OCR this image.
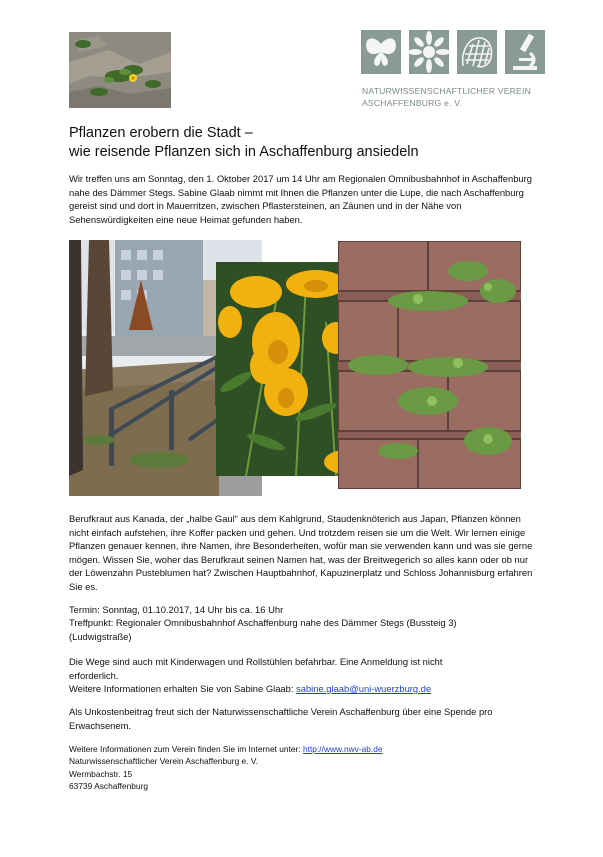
NATURWISSENSCHAFTLICHER VEREIN
ASCHAFFENBURG e. V.
Pflanzen erobern die Stadt –
wie reisende Pflanzen sich in Aschaffenburg ansiedeln

Wir treffen uns am Sonntag, den 1. Oktober 2017 um 14 Uhr am Regionalen Omnibusbahnhof in Aschaffenburg nahe des Dämmer Stegs. Sabine Glaab nimmt mit Ihnen die Pflanzen unter die Lupe, die nach Aschaffenburg gereist sind und dort in Mauerritzen, zwischen Pflastersteinen, an Zäunen und in der Nähe von Sehenswürdigkeiten eine neue Heimat gefunden haben.

Berufkraut aus Kanada, der „halbe Gaul“ aus dem Kahlgrund, Staudenknöterich aus Japan, Pflanzen können nicht einfach aufstehen, ihre Koffer packen und gehen. Und trotzdem reisen sie um die Welt. Wir lernen einige Pflanzen genauer kennen, ihre Namen, ihre Besonderheiten, wofür man sie verwenden kann und was sie gerne mögen. Wissen Sie, woher das Berufkraut seinen Namen hat, was der Breitwegerich so alles kann oder ob nur der Löwenzahn Pusteblumen hat? Zwischen Hauptbahnhof, Kapuzinerplatz und Schloss Johannisburg erfahren Sie es.

Termin: Sonntag, 01.10.2017, 14 Uhr bis ca. 16 Uhr

Treffpunkt: Regionaler Omnibusbahnhof Aschaffenburg nahe des Dämmer Stegs (Bussteig 3) (Ludwigstraße)

Die Wege sind auch mit Kinderwagen und Rollstühlen befahrbar. Eine Anmeldung ist nicht erforderlich.

Weitere Informationen erhalten Sie von Sabine Glaab: sabine.glaab@uni-wuerzburg.de

Als Unkostenbeitrag freut sich der Naturwissenschaftliche Verein Aschaffenburg über eine Spende pro Erwachsenem.

Weitere Informationen zum Verein finden Sie im Internet unter: http://www.nwv-ab.de
Naturwissenschaftlicher Verein Aschaffenburg e. V.
Wermbachstr. 15
63739 Aschaffenburg
